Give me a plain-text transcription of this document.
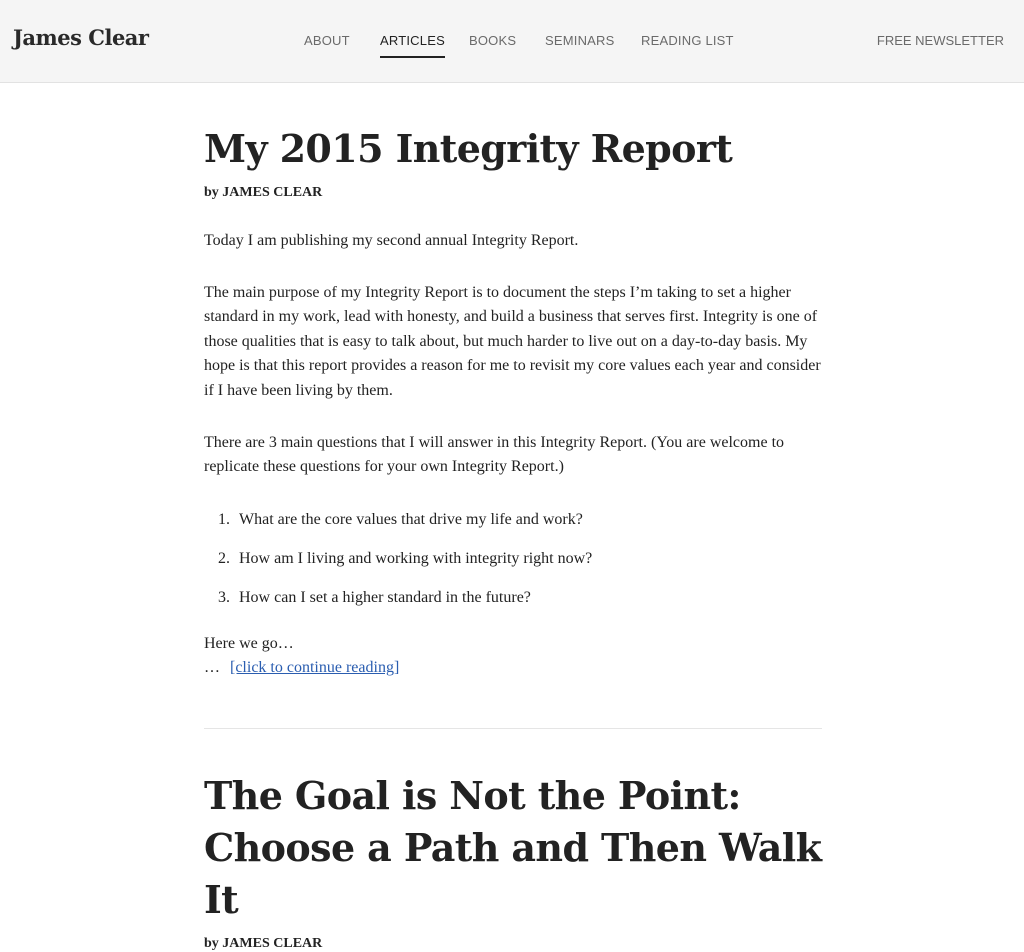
James Clear	ABOUT ARTICLES BOOKS SEMINARS READING LIST	FREE NEWSLETTER
My 2015 Integrity Report

by JAMES CLEAR

Today I am publishing my second annual Integrity Report.

The main purpose of my Integrity Report is to document the steps I’m taking to set a higher standard in my work, lead with honesty, and build a business that serves first. Integrity is one of those qualities that is easy to talk about, but much harder to live out on a day-to-day basis. My hope is that this report provides a reason for me to revisit my core values each year and consider if I have been living by them.

There are 3 main questions that I will answer in this Integrity Report. (You are welcome to replicate these questions for your own Integrity Report.)

1. What are the core values that drive my life and work?
2. How am I living and working with integrity right now?
3. How can I set a higher standard in the future?

Here we go…

… [click to continue reading]
The Goal is Not the Point: Choose a Path and Then Walk It

by JAMES CLEAR
